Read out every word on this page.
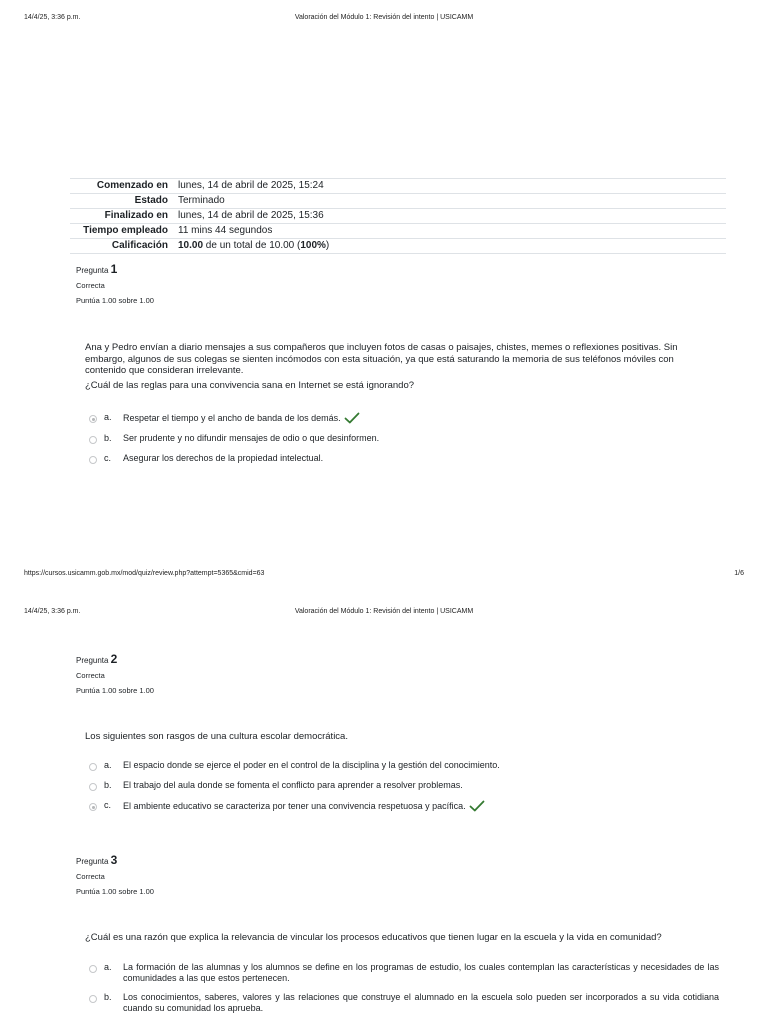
14/4/25, 3:36 p.m.	Valoración del Módulo 1: Revisión del intento | USICAMM
Comenzado en	lunes, 14 de abril de 2025, 15:24
Estado	Terminado
Finalizado en	lunes, 14 de abril de 2025, 15:36
Tiempo empleado	11 mins 44 segundos
Calificación	10.00 de un total de 10.00 (100%)
Pregunta 1
Correcta
Puntúa 1.00 sobre 1.00
Ana y Pedro envían a diario mensajes a sus compañeros que incluyen fotos de casas o paisajes, chistes, memes o reflexiones positivas. Sin embargo, algunos de sus colegas se sienten incómodos con esta situación, ya que está saturando la memoria de sus teléfonos móviles con contenido que consideran irrelevante.
¿Cuál de las reglas para una convivencia sana en Internet se está ignorando?
a. Respetar el tiempo y el ancho de banda de los demás.
b. Ser prudente y no difundir mensajes de odio o que desinformen.
c. Asegurar los derechos de la propiedad intelectual.
https://cursos.usicamm.gob.mx/mod/quiz/review.php?attempt=5365&cmid=63	1/6
14/4/25, 3:36 p.m.	Valoración del Módulo 1: Revisión del intento | USICAMM
Pregunta 2
Correcta
Puntúa 1.00 sobre 1.00
Los siguientes son rasgos de una cultura escolar democrática.
a. El espacio donde se ejerce el poder en el control de la disciplina y la gestión del conocimiento.
b. El trabajo del aula donde se fomenta el conflicto para aprender a resolver problemas.
c. El ambiente educativo se caracteriza por tener una convivencia respetuosa y pacífica.
Pregunta 3
Correcta
Puntúa 1.00 sobre 1.00
¿Cuál es una razón que explica la relevancia de vincular los procesos educativos que tienen lugar en la escuela y la vida en comunidad?
a. La formación de las alumnas y los alumnos se define en los programas de estudio, los cuales contemplan las características y necesidades de las comunidades a las que estos pertenecen.
b. Los conocimientos, saberes, valores y las relaciones que construye el alumnado en la escuela solo pueden ser incorporados a su vida cotidiana cuando su comunidad los aprueba.
